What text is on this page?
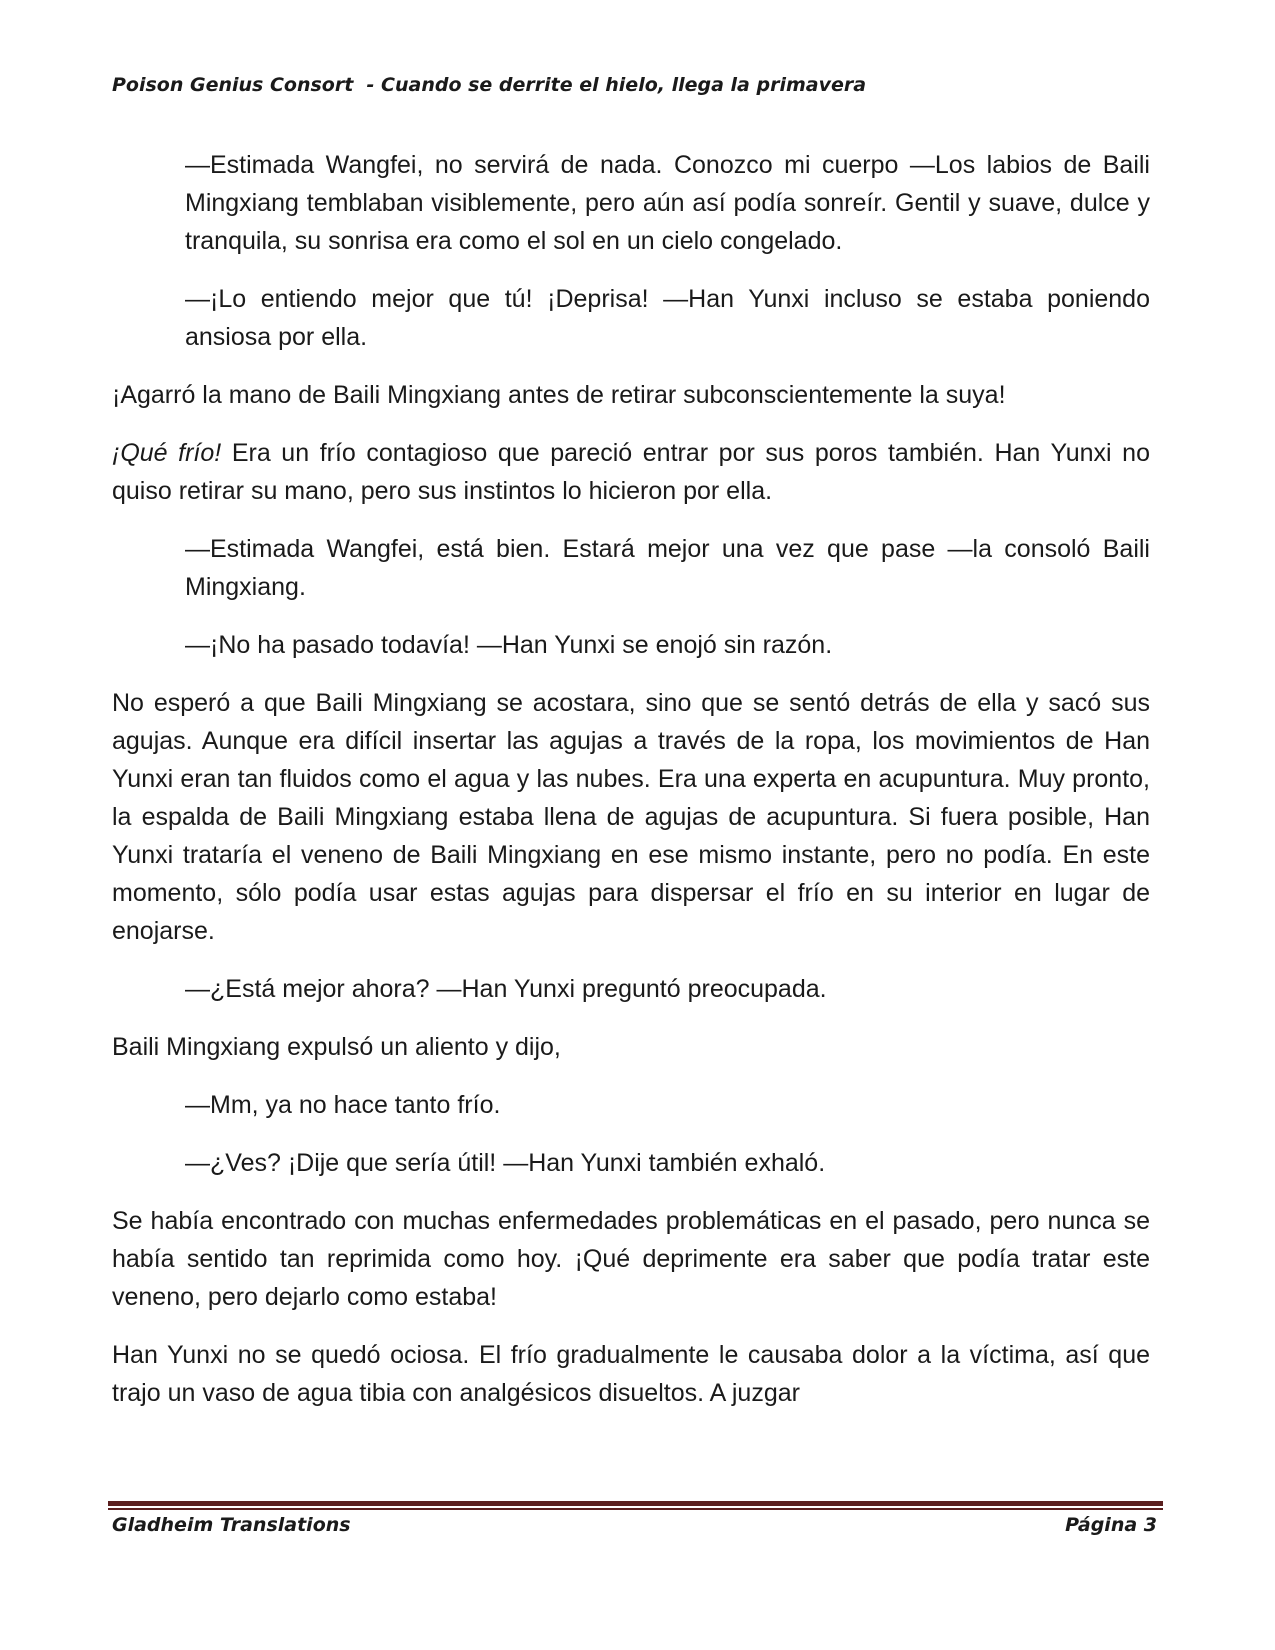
Poison Genius Consort  - Cuando se derrite el hielo, llega la primavera

—Estimada Wangfei, no servirá de nada. Conozco mi cuerpo —Los labios de Baili Mingxiang temblaban visiblemente, pero aún así podía sonreír. Gentil y suave, dulce y tranquila, su sonrisa era como el sol en un cielo congelado.

—¡Lo entiendo mejor que tú! ¡Deprisa! —Han Yunxi incluso se estaba poniendo ansiosa por ella.

¡Agarró la mano de Baili Mingxiang antes de retirar subconscientemente la suya!

¡Qué frío! Era un frío contagioso que pareció entrar por sus poros también. Han Yunxi no quiso retirar su mano, pero sus instintos lo hicieron por ella.

—Estimada Wangfei, está bien. Estará mejor una vez que pase —la consoló Baili Mingxiang.

—¡No ha pasado todavía! —Han Yunxi se enojó sin razón.

No esperó a que Baili Mingxiang se acostara, sino que se sentó detrás de ella y sacó sus agujas. Aunque era difícil insertar las agujas a través de la ropa, los movimientos de Han Yunxi eran tan fluidos como el agua y las nubes. Era una experta en acupuntura. Muy pronto, la espalda de Baili Mingxiang estaba llena de agujas de acupuntura. Si fuera posible, Han Yunxi trataría el veneno de Baili Mingxiang en ese mismo instante, pero no podía. En este momento, sólo podía usar estas agujas para dispersar el frío en su interior en lugar de enojarse.

—¿Está mejor ahora? —Han Yunxi preguntó preocupada.

Baili Mingxiang expulsó un aliento y dijo,

—Mm, ya no hace tanto frío.

—¿Ves? ¡Dije que sería útil! —Han Yunxi también exhaló.

Se había encontrado con muchas enfermedades problemáticas en el pasado, pero nunca se había sentido tan reprimida como hoy. ¡Qué deprimente era saber que podía tratar este veneno, pero dejarlo como estaba!

Han Yunxi no se quedó ociosa. El frío gradualmente le causaba dolor a la víctima, así que trajo un vaso de agua tibia con analgésicos disueltos. A juzgar

Gladheim Translations	Página 3
